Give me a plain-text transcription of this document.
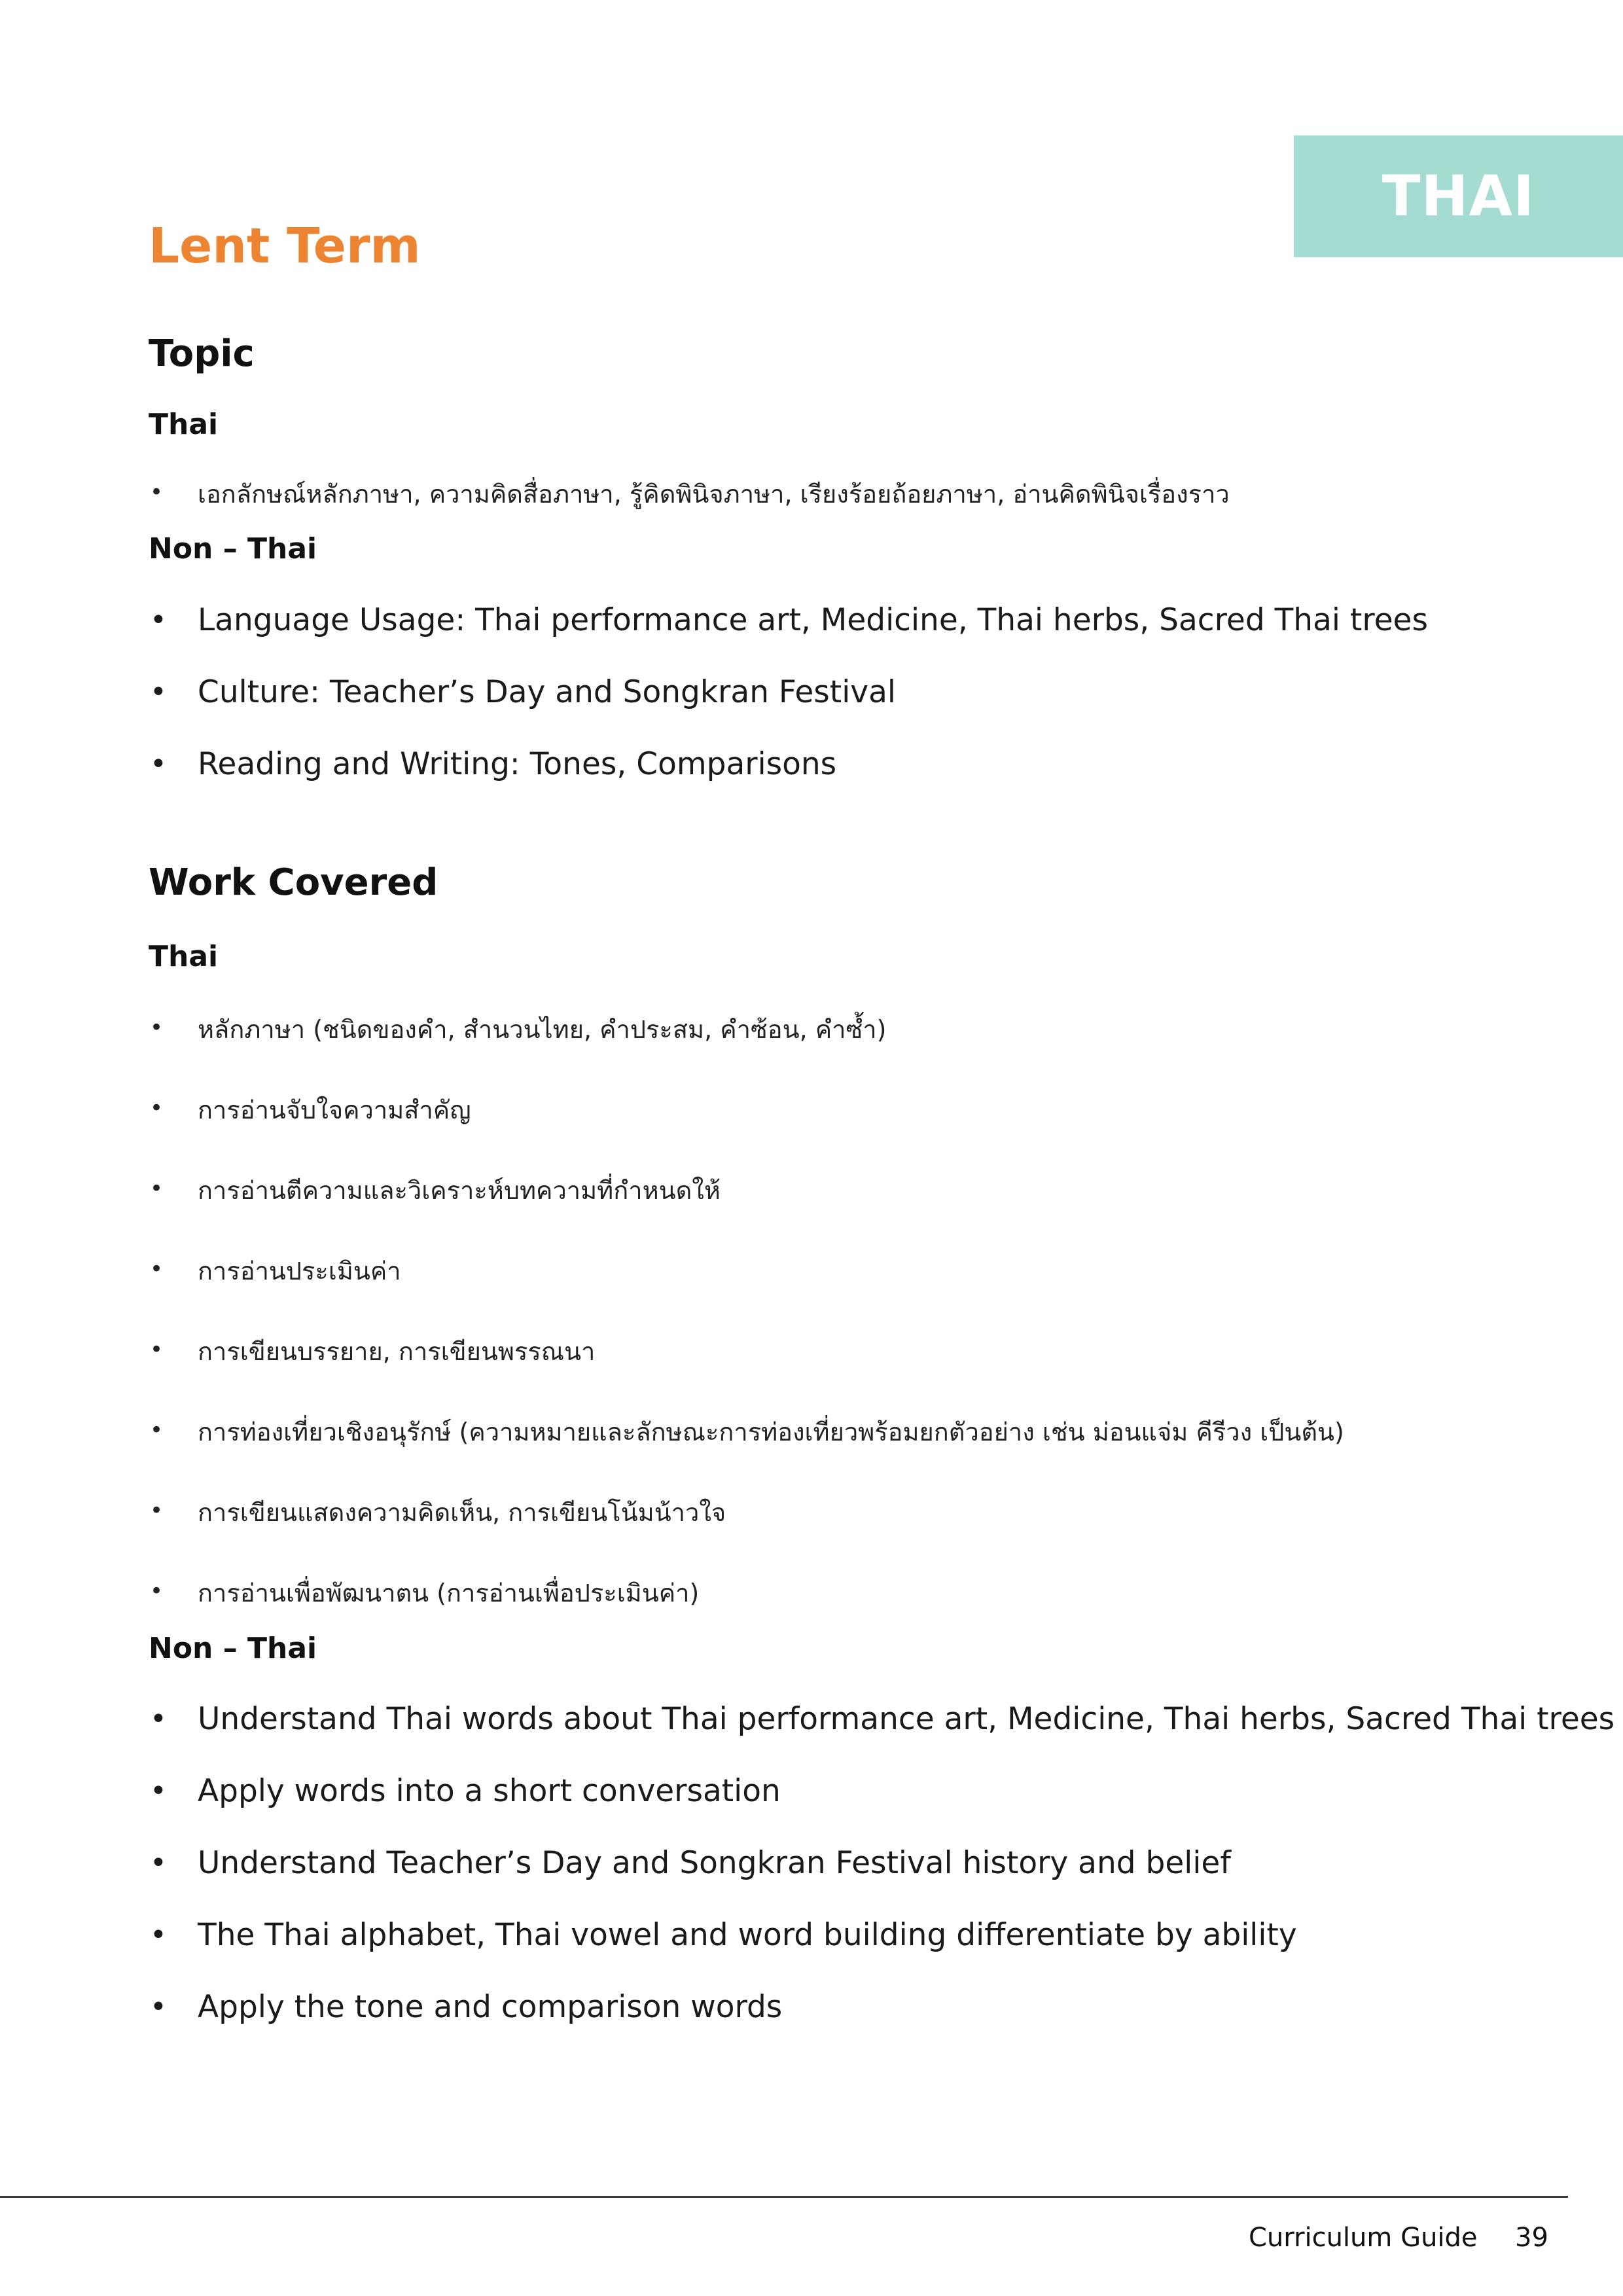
THAI
Lent Term
Topic
Thai
• เอกลักษณ์หลักภาษา, ความคิดสื่อภาษา, รู้คิดพินิจภาษา, เรียงร้อยถ้อยภาษา, อ่านคิดพินิจเรื่องราว
Non – Thai
• Language Usage: Thai performance art, Medicine, Thai herbs, Sacred Thai trees
• Culture: Teacher’s Day and Songkran Festival
• Reading and Writing: Tones, Comparisons
Work Covered
Thai
• หลักภาษา (ชนิดของคำ, สำนวนไทย, คำประสม, คำซ้อน, คำซ้ำ)
• การอ่านจับใจความสำคัญ
• การอ่านตีความและวิเคราะห์บทความที่กำหนดให้
• การอ่านประเมินค่า
• การเขียนบรรยาย, การเขียนพรรณนา
• การท่องเที่ยวเชิงอนุรักษ์ (ความหมายและลักษณะการท่องเที่ยวพร้อมยกตัวอย่าง เช่น ม่อนแจ่ม คีรีวง เป็นต้น)
• การเขียนแสดงความคิดเห็น, การเขียนโน้มน้าวใจ
• การอ่านเพื่อพัฒนาตน (การอ่านเพื่อประเมินค่า)
Non – Thai
• Understand Thai words about Thai performance art, Medicine, Thai herbs, Sacred Thai trees
• Apply words into a short conversation
• Understand Teacher’s Day and Songkran Festival history and belief
• The Thai alphabet, Thai vowel and word building differentiate by ability
• Apply the tone and comparison words
Curriculum Guide 39
